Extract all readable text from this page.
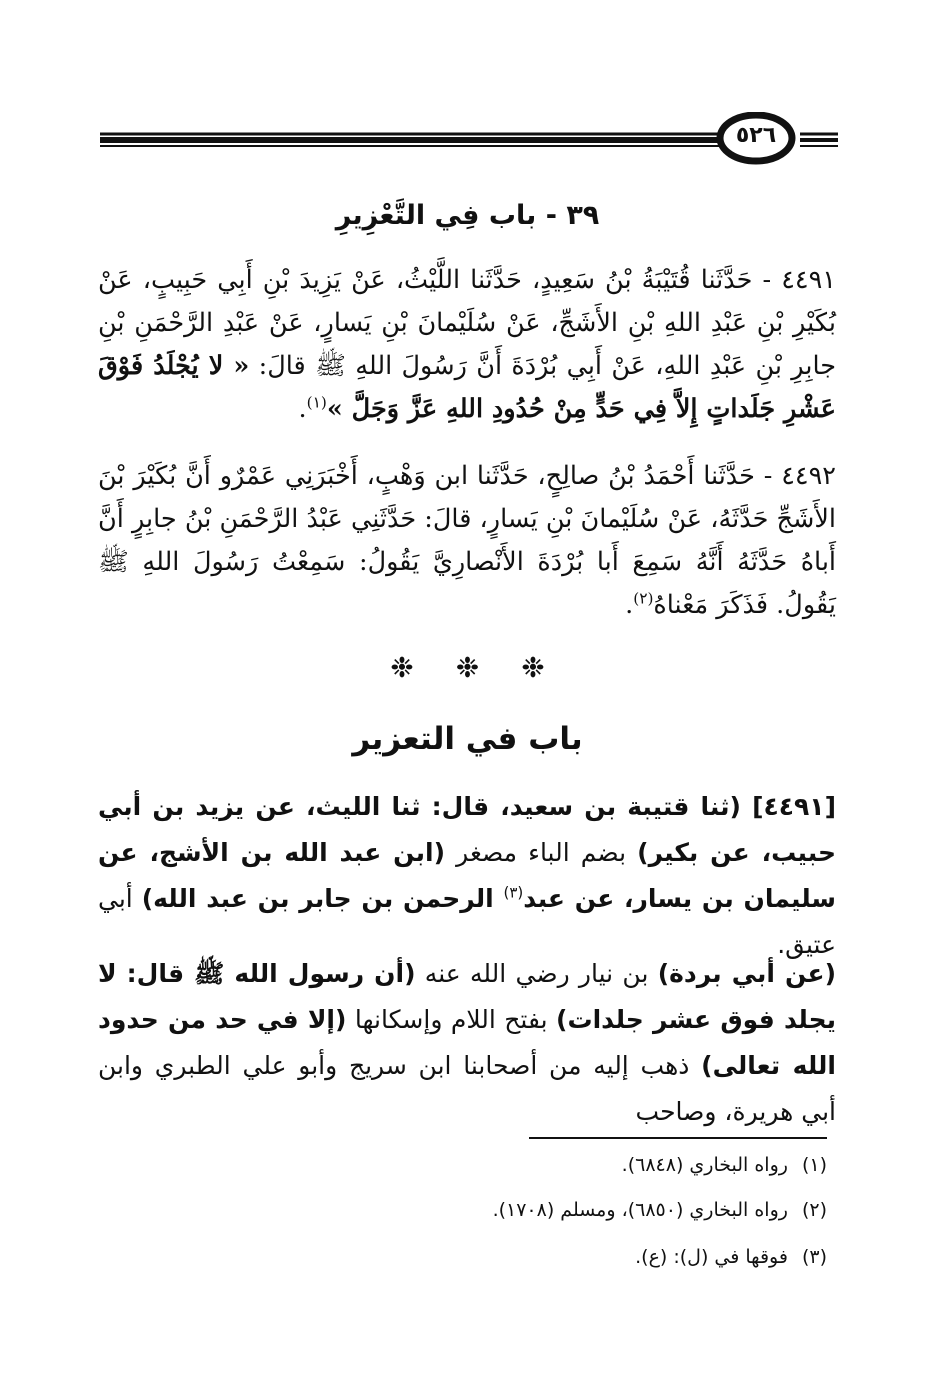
٥٢٦
٣٩ - باب فِي التَّعْزِيرِ

٤٤٩١ - حَدَّثَنا قُتَيْبَةُ بْنُ سَعِيدٍ، حَدَّثَنا اللَّيْثُ، عَنْ يَزِيدَ بْنِ أَبِي حَبِيبٍ، عَنْ بُكَيْرِ بْنِ عَبْدِ اللهِ بْنِ الأَشَجِّ، عَنْ سُلَيْمانَ بْنِ يَسارٍ، عَنْ عَبْدِ الرَّحْمَنِ بْنِ جابِرِ بْنِ عَبْدِ اللهِ، عَنْ أَبِي بُرْدَةَ أَنَّ رَسُولَ اللهِ ﷺ قالَ: « لا يُجْلَدُ فَوْقَ عَشْرِ جَلَداتٍ إِلاَّ فِي حَدٍّ مِنْ حُدُودِ اللهِ عَزَّ وَجَلَّ »$^{(١)}$.

٤٤٩٢ - حَدَّثَنا أَحْمَدُ بْنُ صالِحٍ، حَدَّثَنا ابن وَهْبٍ، أَخْبَرَنِي عَمْرٌو أَنَّ بُكَيْرَ بْنَ الأَشَجِّ حَدَّثَهُ، عَنْ سُلَيْمانَ بْنِ يَسارٍ، قالَ: حَدَّثَنِي عَبْدُ الرَّحْمَنِ بْنُ جابِرٍ أَنَّ أَباهُ حَدَّثَهُ أَنَّهُ سَمِعَ أَبا بُرْدَةَ الأَنْصارِيَّ يَقُولُ: سَمِعْتُ رَسُولَ اللهِ ﷺ يَقُولُ. فَذَكَرَ مَعْناهُ$^{(٢)}$.

❉
❉
❉
باب في التعزير

[٤٤٩١] (ثنا قتيبة بن سعيد، قال: ثنا الليث، عن يزيد بن أبي حبيب، عن بكير) بضم الباء مصغر (ابن عبد الله بن الأشج، عن سليمان بن يسار، عن عبد$^{(٣)}$ الرحمن بن جابر بن عبد الله) أبي عتيق.

(عن أبي بردة) بن نيار رضي الله عنه (أن رسول الله ﷺ قال: لا يجلد فوق عشر جلدات) بفتح اللام وإسكانها (إلا في حد من حدود الله تعالى) ذهب إليه من أصحابنا ابن سريج وأبو علي الطبري وابن أبي هريرة، وصاحب

(١)رواه البخاري (٦٨٤٨).

(٢)رواه البخاري (٦٨٥٠)، ومسلم (١٧٠٨).

(٣)فوقها في (ل): (ع).
